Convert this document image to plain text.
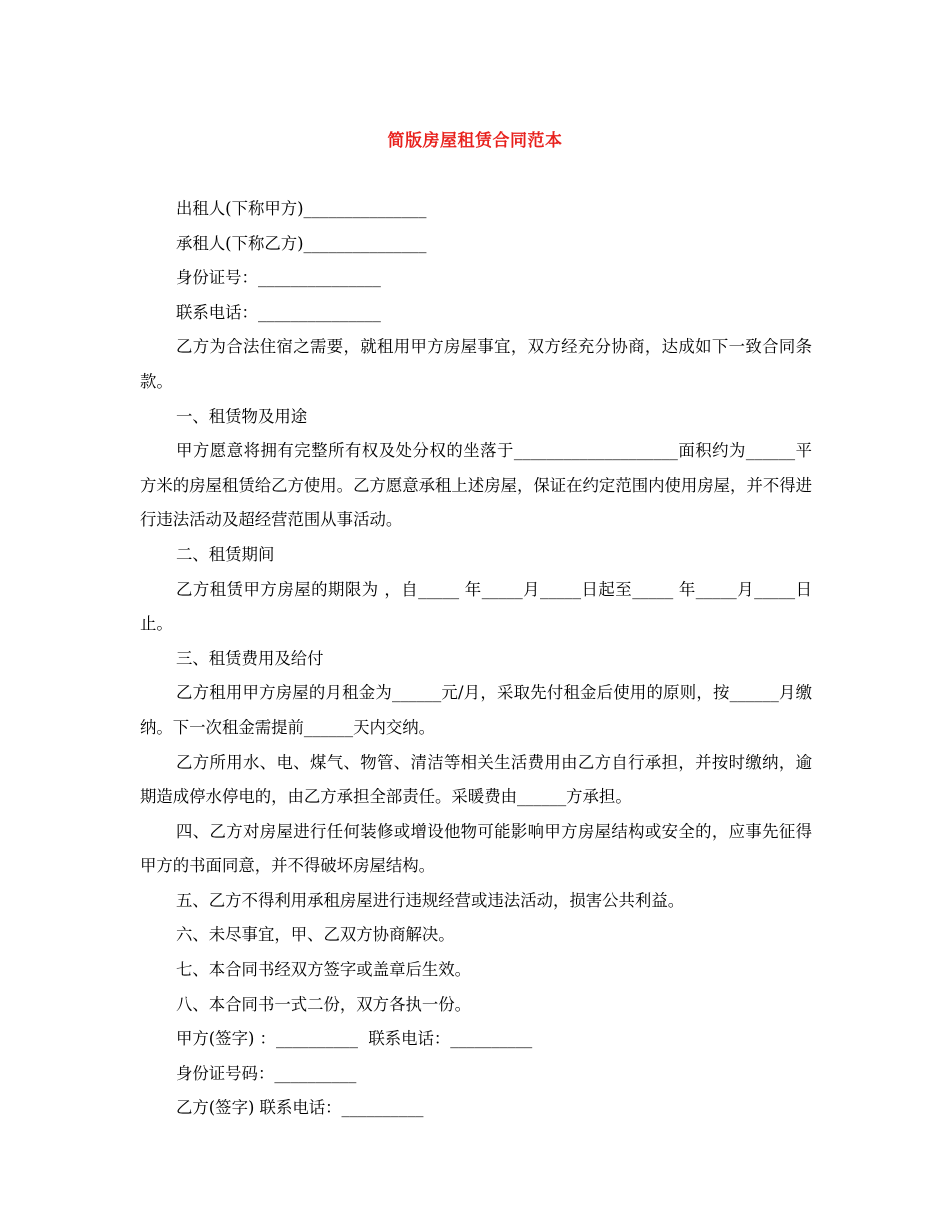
简版房屋租赁合同范本

出租人(下称甲方)_______________

承租人(下称乙方)_______________

身份证号：_______________

联系电话：_______________

乙方为合法住宿之需要，就租用甲方房屋事宜，双方经充分协商，达成如下一致合同条款。

一、租赁物及用途

甲方愿意将拥有完整所有权及处分权的坐落于____________________面积约为______平方米的房屋租赁给乙方使用。乙方愿意承租上述房屋，保证在约定范围内使用房屋，并不得进行违法活动及超经营范围从事活动。

二、租赁期间

乙方租赁甲方房屋的期限为 ，自_____ 年_____月_____日起至_____ 年_____月_____日止。

三、租赁费用及给付

乙方租用甲方房屋的月租金为______元/月，采取先付租金后使用的原则，按______月缴纳。下一次租金需提前______天内交纳。

乙方所用水、电、煤气、物管、清洁等相关生活费用由乙方自行承担，并按时缴纳，逾期造成停水停电的，由乙方承担全部责任。采暖费由______方承担。

四、乙方对房屋进行任何装修或增设他物可能影响甲方房屋结构或安全的，应事先征得甲方的书面同意，并不得破坏房屋结构。

五、乙方不得利用承租房屋进行违规经营或违法活动，损害公共利益。

六、未尽事宜，甲、乙双方协商解决。

七、本合同书经双方签字或盖章后生效。

八、本合同书一式二份，双方各执一份。

甲方(签字) ：__________  联系电话：__________

身份证号码：__________

乙方(签字) 联系电话：__________
